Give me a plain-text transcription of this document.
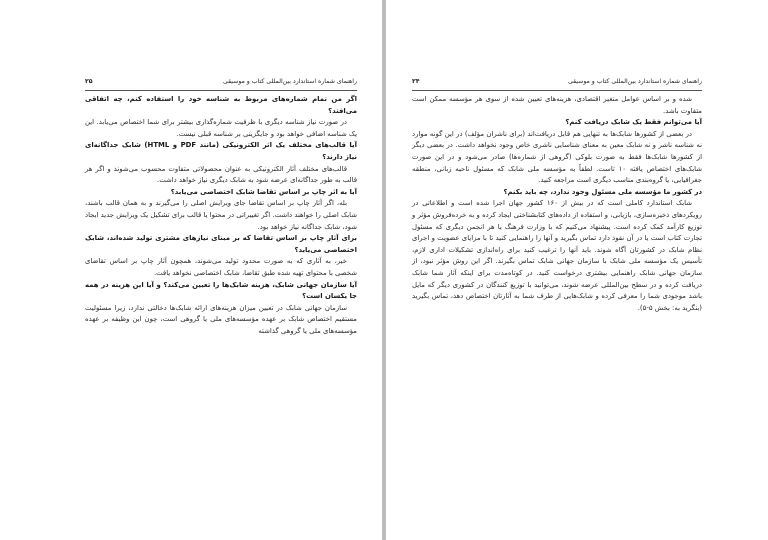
راهنمای شماره استاندارد بین‌المللی کتاب و موسیقی
۲۵

اگر من تمام شماره‌های مربوط به شناسه خود را استفاده کنم، چه اتفاقی می‌افتد؟

در صورت نیاز شناسه دیگری با ظرفیت شماره‌گذاری بیشتر برای شما اختصاص می‌یابد. این یک شناسه اضافی خواهد بود و جایگزینی بر شناسه قبلی نیست.

آیا قالب‌های مختلف یک اثر الکترونیکی (مانند PDF و HTML) شابک جداگانه‌ای نیاز دارند؟

قالب‌های مختلف آثار الکترونیکی به عنوان محصولاتی متفاوت محسوب می‌شوند و اگر هر قالب به طور جداگانه‌ای عرضه شود به شابک دیگری نیاز خواهد داشت.

آیا به اثر چاپ بر اساس تقاضا شابک اختصاصی می‌یابد؟

بله، اگر آثار چاپ بر اساس تقاضا جای ویرایش اصلی را می‌گیرند و به همان قالب باشند، شابک اصلی را خواهند داشت. اگر تغییراتی در محتوا یا قالب برای تشکیل یک ویرایش جدید ایجاد شود، شابک جداگانه نیاز خواهد بود.

برای آثار چاپ بر اساس تقاضا که بر مبنای نیازهای مشتری تولید شده‌اند، شابک اختصاصی می‌یابد؟

خیر، به آثاری که به صورت محدود تولید می‌شوند، همچون آثار چاپ بر اساس تقاضای شخصی با محتوای تهیه شده طبق تقاضا، شابک اختصاصی نخواهد یافت.

آیا سازمان جهانی شابک، هزینه شابک‌ها را تعیین می‌کند؟ و آیا این هزینه در همه جا یکسان است؟

سازمان جهانی شابک در تعیین میزان هزینه‌های ارائه شابک‌ها دخالتی ندارد، زیرا مسئولیت مستقیم اختصاص شابک بر عهده مؤسسه‌های ملی یا گروهی است، چون این وظیفه بر عهده مؤسسه‌های ملی یا گروهی گذاشته

راهنمای شماره استاندارد بین‌المللی کتاب و موسیقی
۲۴

شده و بر اساس عوامل متغیر اقتصادی، هزینه‌های تعیین شده از سوی هر مؤسسه ممکن است متفاوت باشد.

آیا می‌توانم فقط یک شابک دریافت کنم؟

در بعضی از کشورها شابک‌ها به تنهایی هم قابل دریافت‌اند (برای ناشران مؤلف) در این گونه موارد نه شناسه ناشر و نه شابک معین به معنای شناسایی ناشری خاص وجود نخواهد داشت. در بعضی دیگر از کشورها شابک‌ها فقط به صورت بلوکی (گروهی از شماره‌ها) صادر می‌شود و در این صورت شابک‌های اختصاص یافته ۱۰ تاست. لطفاً به مؤسسه ملی شابک که مسئول ناحیه زبانی، منطقه جغرافیایی، یا گروه‌بندی مناسب دیگری است مراجعه کنید.

در کشور ما مؤسسه ملی مسئول وجود ندارد، چه باید بکنم؟

شابک استاندارد کاملی است که در بیش از ۱۶۰ کشور جهان اجرا شده است و اطلاعاتی در رویکردهای ذخیره‌سازی، بازیابی، و استفاده از داده‌های کتابشناختی ایجاد کرده و به خرده‌فروش مؤثر و توزیع کارآمد کمک کرده است. پیشنهاد می‌کنیم که با وزارت فرهنگ یا هر انجمن دیگری که مسئول تجارت کتاب است یا در آن نفوذ دارد تماس بگیرید و آنها را راهنمایی کنید تا با مزایای عضویت و اجرای نظام شابک در کشورتان آگاه شوند. باید آنها را ترغیب کنید برای راه‌اندازی تشکیلات اداری لازم، تأسیس یک مؤسسه ملی شابک با سازمان جهانی شابک تماس بگیرند. اگر این روش مؤثر نبود، از سازمان جهانی شابک راهنمایی بیشتری درخواست کنید. در کوتاه‌مدت برای اینکه آثار شما شابک دریافت کرده و در سطح بین‌المللی عرضه شوند، می‌توانید با توزیع کنندگان در کشوری دیگر که مایل باشد موجودی شما را معرفی کرده و شابک‌هایی از طرف شما به آثارتان اختصاص دهد، تماس بگیرید (بنگرید به: بخش ۵-۵).
